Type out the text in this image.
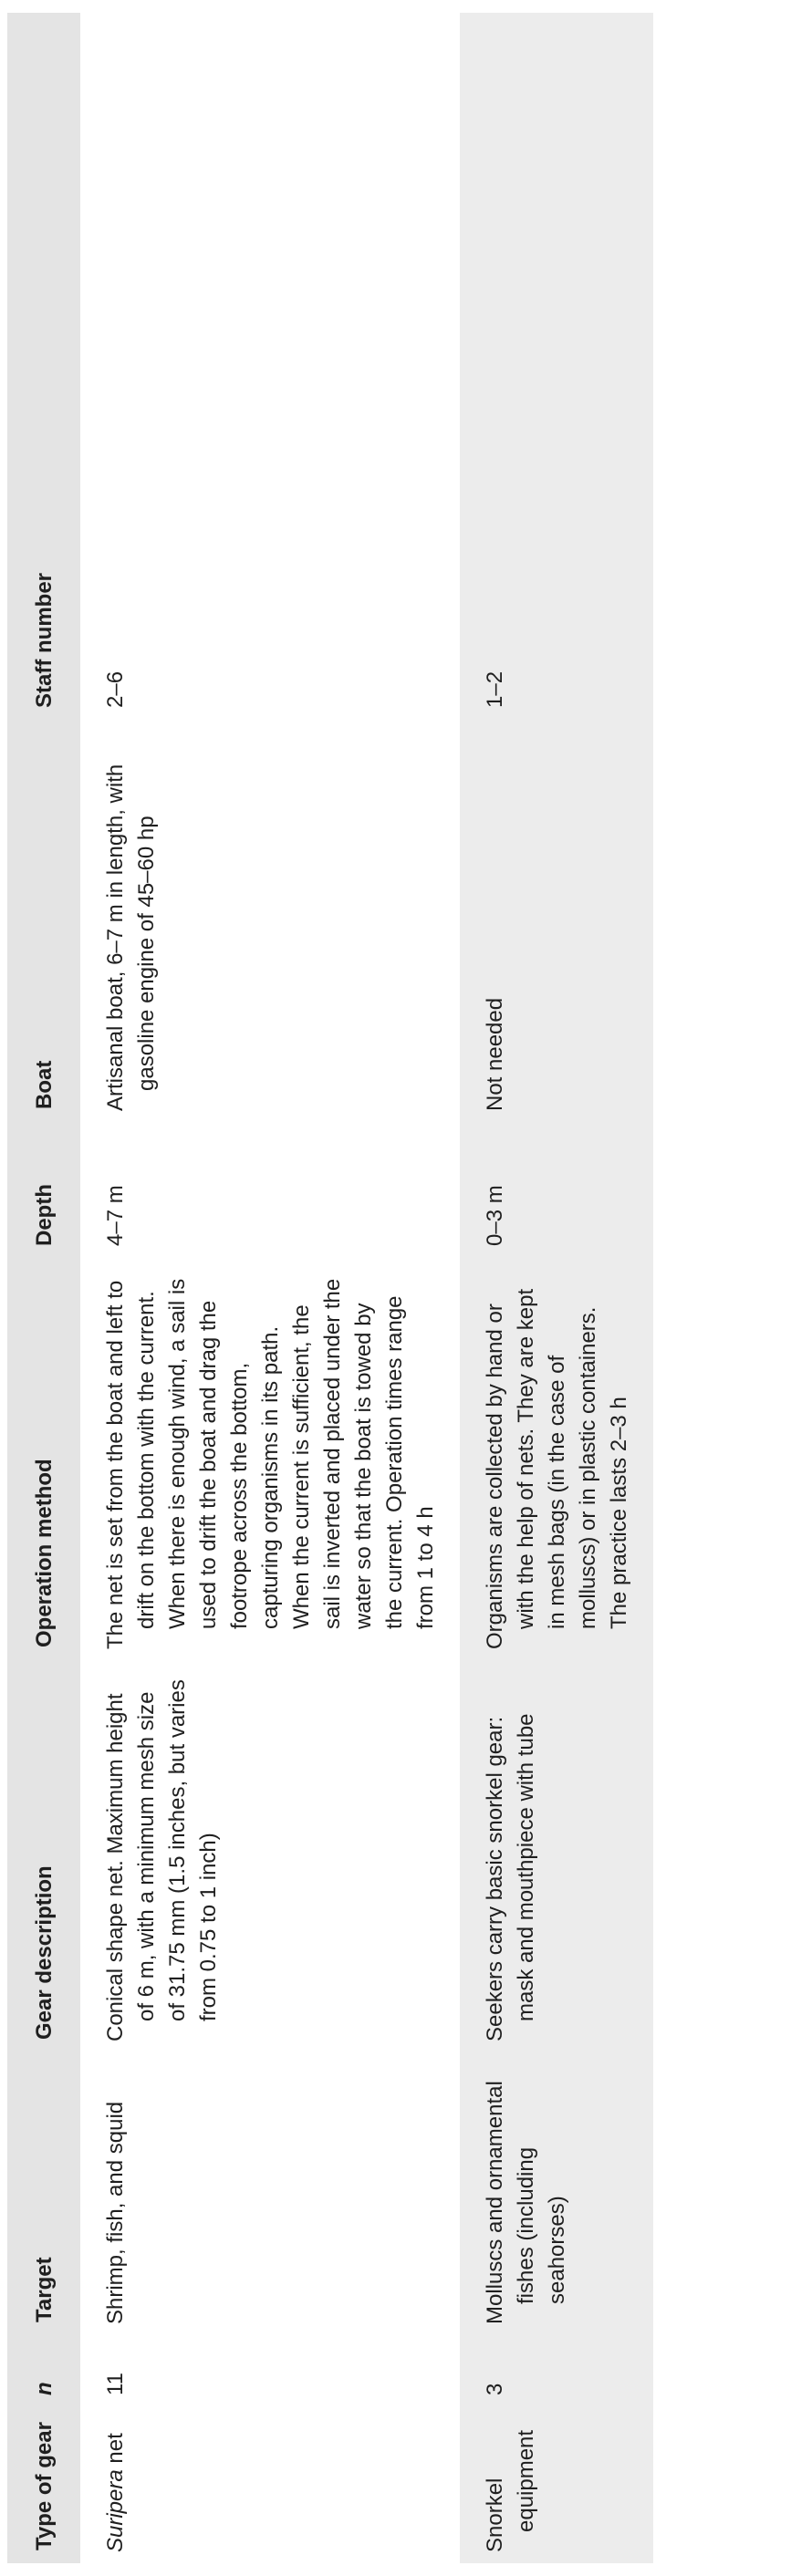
Type of gear	n	Target	Gear description	Operation method	Depth	Boat	Staff number
Suripera net	11	Shrimp, fish, and squid	Conical shape net. Maximum height of 6 m, with a minimum mesh size of 31.75 mm (1.5 inches, but varies from 0.75 to 1 inch)	The net is set from the boat and left to drift on the bottom with the current. When there is enough wind, a sail is used to drift the boat and drag the footrope across the bottom, capturing organisms in its path. When the current is sufficient, the sail is inverted and placed under the water so that the boat is towed by the current. Operation times range from 1 to 4 h	4–7 m	Artisanal boat, 6–7 m in length, with gasoline engine of 45–60 hp	2–6
Snorkel equipment	3	Molluscs and ornamental fishes (including seahorses)	Seekers carry basic snorkel gear: mask and mouthpiece with tube	Organisms are collected by hand or with the help of nets. They are kept in mesh bags (in the case of molluscs) or in plastic containers. The practice lasts 2–3 h	0–3 m	Not needed	1–2
